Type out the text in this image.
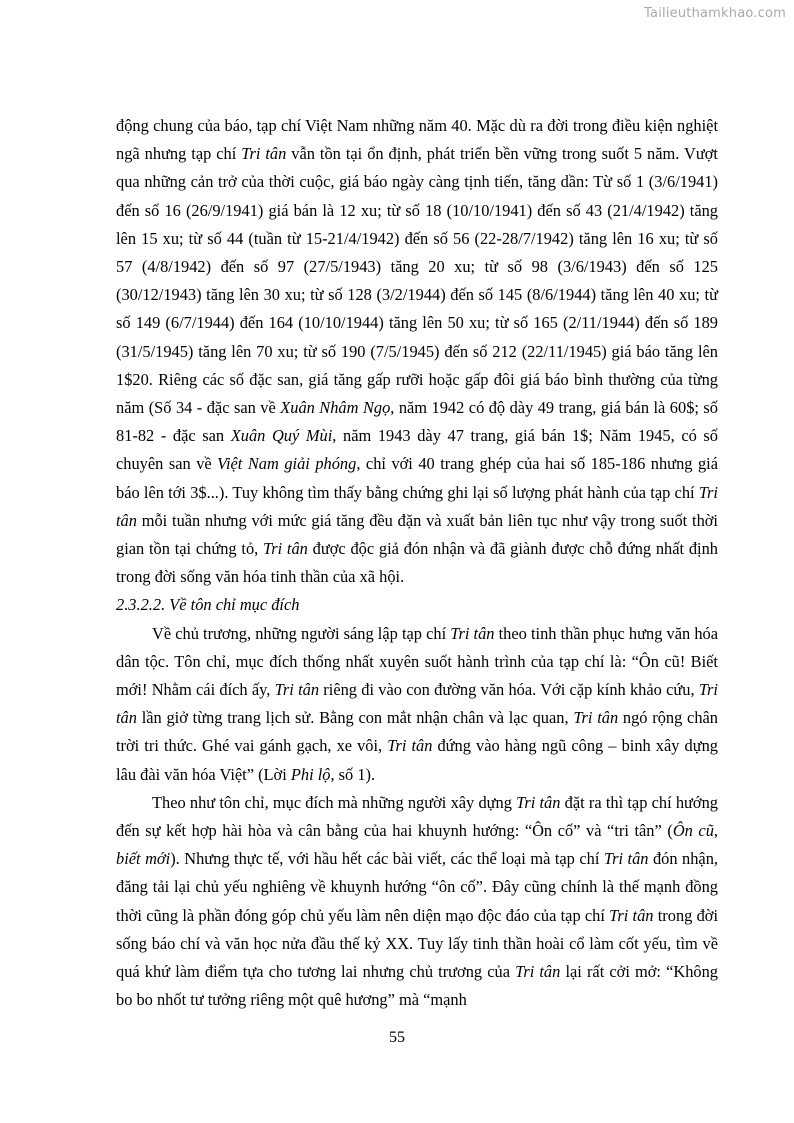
Tailieuthamkhao.com

động chung của báo, tạp chí Việt Nam những năm 40. Mặc dù ra đời trong điều kiện nghiệt ngã nhưng tạp chí Tri tân vẫn tồn tại ổn định, phát triển bền vững trong suốt 5 năm. Vượt qua những cản trở của thời cuộc, giá báo ngày càng tịnh tiến, tăng dần: Từ số 1 (3/6/1941) đến số 16 (26/9/1941) giá bán là 12 xu; từ số 18 (10/10/1941) đến số 43 (21/4/1942) tăng lên 15 xu; từ số 44 (tuần từ 15-21/4/1942) đến số 56 (22-28/7/1942) tăng lên 16 xu; từ số 57 (4/8/1942) đến số 97 (27/5/1943) tăng 20 xu; từ số 98 (3/6/1943) đến số 125 (30/12/1943) tăng lên 30 xu; từ số 128 (3/2/1944) đến số 145 (8/6/1944) tăng lên 40 xu; từ số 149 (6/7/1944) đến 164 (10/10/1944) tăng lên 50 xu; từ số 165 (2/11/1944) đến số 189 (31/5/1945) tăng lên 70 xu; từ số 190 (7/5/1945) đến số 212 (22/11/1945) giá báo tăng lên 1$20. Riêng các số đặc san, giá tăng gấp rưỡi hoặc gấp đôi giá báo bình thường của từng năm (Số 34 - đặc san về Xuân Nhâm Ngọ, năm 1942 có độ dày 49 trang, giá bán là 60$; số 81-82 - đặc san Xuân Quý Mùi, năm 1943 dày 47 trang, giá bán 1$; Năm 1945, có số chuyên san về Việt Nam giải phóng, chỉ với 40 trang ghép của hai số 185-186 nhưng giá báo lên tới 3$...). Tuy không tìm thấy bằng chứng ghi lại số lượng phát hành của tạp chí Tri tân mỗi tuần nhưng với mức giá tăng đều đặn và xuất bản liên tục như vậy trong suốt thời gian tồn tại chứng tỏ, Tri tân được độc giả đón nhận và đã giành được chỗ đứng nhất định trong đời sống văn hóa tinh thần của xã hội.

2.3.2.2. Về tôn chỉ mục đích

Về chủ trương, những người sáng lập tạp chí Tri tân theo tinh thần phục hưng văn hóa dân tộc. Tôn chỉ, mục đích thống nhất xuyên suốt hành trình của tạp chí là: “Ôn cũ! Biết mới! Nhằm cái đích ấy, Tri tân riêng đi vào con đường văn hóa. Với cặp kính khảo cứu, Tri tân lần giở từng trang lịch sử. Bằng con mắt nhận chân và lạc quan, Tri tân ngó rộng chân trời tri thức. Ghé vai gánh gạch, xe vôi, Tri tân đứng vào hàng ngũ công – binh xây dựng lâu đài văn hóa Việt” (Lời Phi lộ, số 1).

Theo như tôn chỉ, mục đích mà những người xây dựng Tri tân đặt ra thì tạp chí hướng đến sự kết hợp hài hòa và cân bằng của hai khuynh hướng: “Ôn cố” và “tri tân” (Ôn cũ, biết mới). Nhưng thực tế, với hầu hết các bài viết, các thể loại mà tạp chí Tri tân đón nhận, đăng tải lại chủ yếu nghiêng về khuynh hướng “ôn cố”. Đây cũng chính là thế mạnh đồng thời cũng là phần đóng góp chủ yếu làm nên diện mạo độc đáo của tạp chí Tri tân trong đời sống báo chí và văn học nửa đầu thế kỷ XX. Tuy lấy tinh thần hoài cổ làm cốt yếu, tìm về quá khứ làm điểm tựa cho tương lai nhưng chủ trương của Tri tân lại rất cởi mở: “Không bo bo nhốt tư tưởng riêng một quê hương” mà “mạnh

55
